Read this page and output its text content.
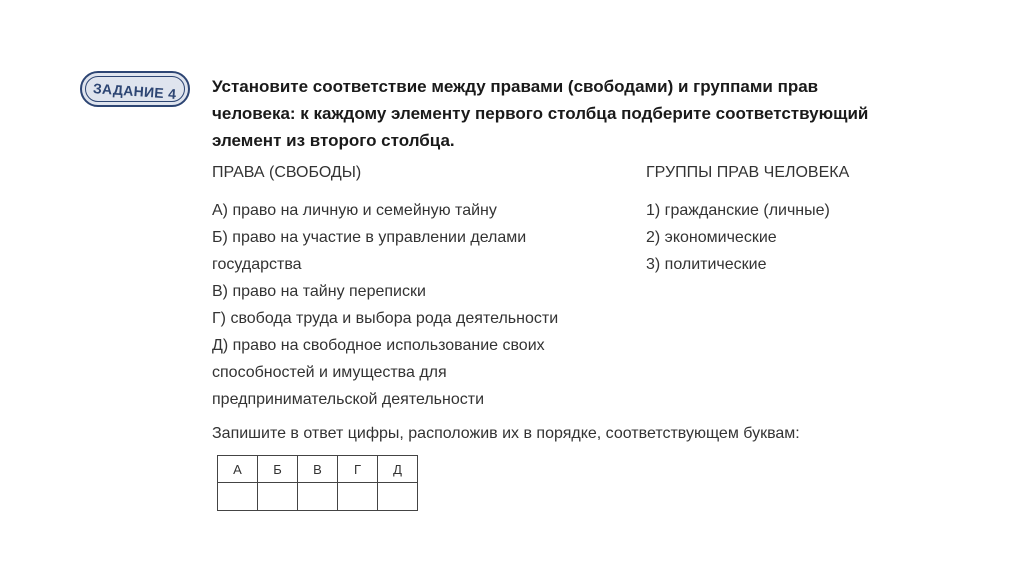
ЗАДАНИЕ 4 Установите соответствие между правами (свободами) и группами прав
человека: к каждому элементу первого столбца подберите соответствующий
элемент из второго столбца.
ПРАВА (СВОБОДЫ)	ГРУППЫ ПРАВ ЧЕЛОВЕКА
А) право на личную и семейную тайну
Б) право на участие в управлении делами
государства
В) право на тайну переписки
Г) свобода труда и выбора рода деятельности
Д) право на свободное использование своих
способностей и имущества для
предпринимательской деятельности
1) гражданские (личные)
2) экономические
3) политические
Запишите в ответ цифры, расположив их в порядке, соответствующем буквам:
А	Б	В	Г	Д
